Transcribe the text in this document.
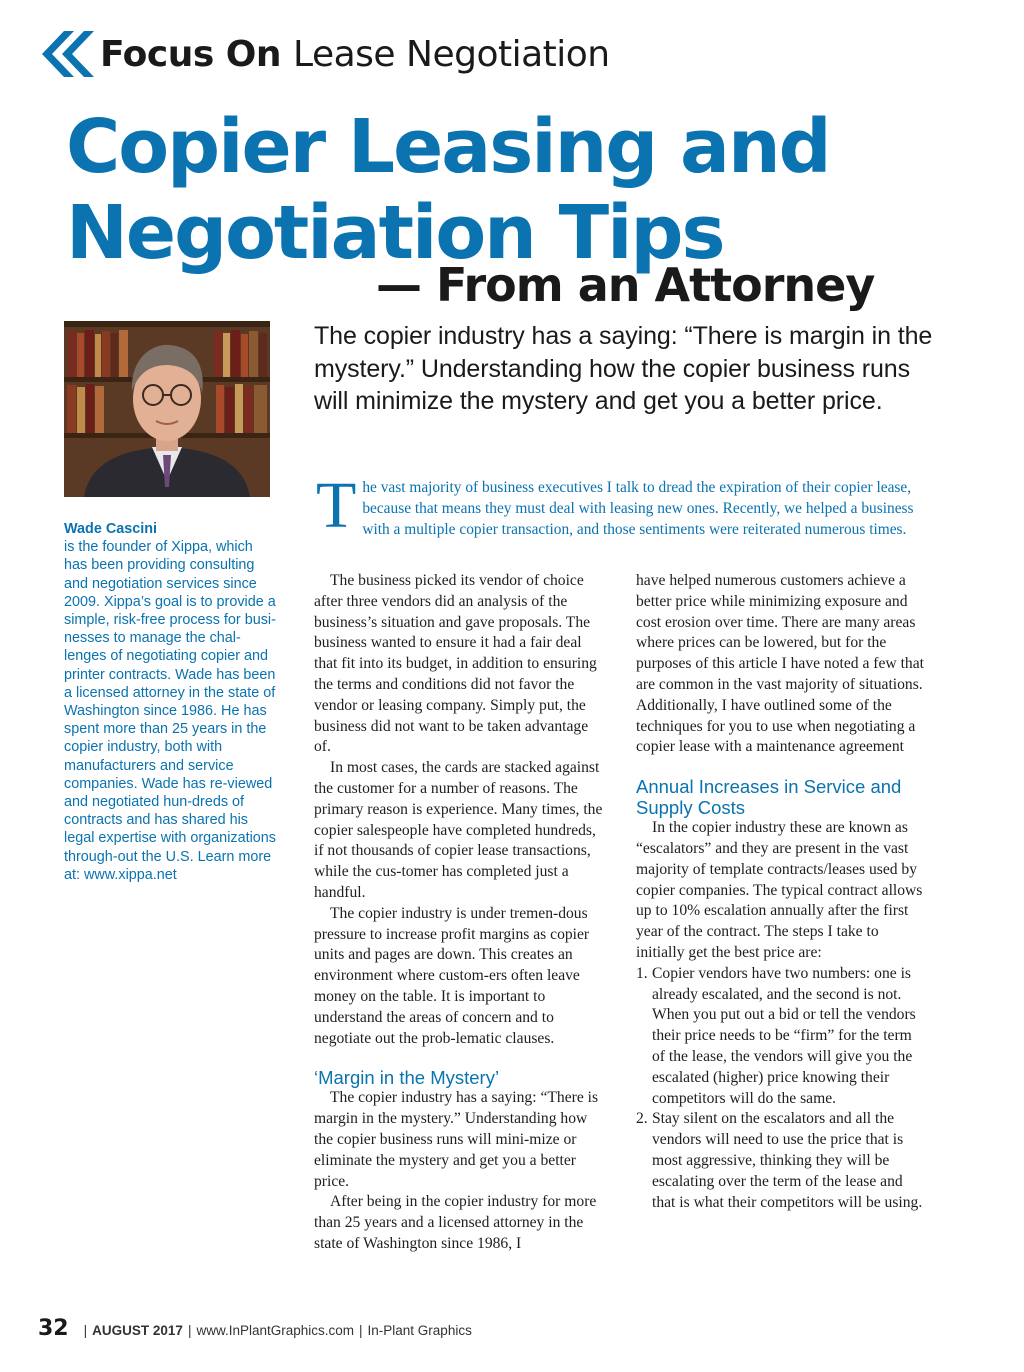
Focus On Lease Negotiation
Copier Leasing and
Negotiation Tips
— From an Attorney
The copier industry has a saying: “There is margin in the mystery.” Understanding how the copier business runs will minimize the mystery and get you a better price.
Wade Cascini
is the founder of Xippa, which has been providing consulting and negotiation services since 2009. Xippa’s goal is to provide a simple, risk-free process for busi-nesses to manage the chal-lenges of negotiating copier and printer contracts. Wade has been a licensed attorney in the state of Washington since 1986. He has spent more than 25 years in the copier industry, both with manufacturers and service companies. Wade has re-viewed and negotiated hun-dreds of contracts and has shared his legal expertise with organizations through-out the U.S. Learn more at: www.xippa.net
The vast majority of business executives I talk to dread the expiration of their copier lease, because that means they must deal with leasing new ones. Recently, we helped a business with a multiple copier transaction, and those sentiments were reiterated numerous times.

The business picked its vendor of choice after three vendors did an analysis of the business’s situation and gave proposals. The business wanted to ensure it had a fair deal that fit into its budget, in addition to ensuring the terms and conditions did not favor the vendor or leasing company. Simply put, the business did not want to be taken advantage of.

In most cases, the cards are stacked against the customer for a number of reasons. The primary reason is experience. Many times, the copier salespeople have completed hundreds, if not thousands of copier lease transactions, while the cus-tomer has completed just a handful.

The copier industry is under tremen-dous pressure to increase profit margins as copier units and pages are down. This creates an environment where custom-ers often leave money on the table. It is important to understand the areas of concern and to negotiate out the prob-lematic clauses.

‘Margin in the Mystery’

The copier industry has a saying: “There is margin in the mystery.” Understanding how the copier business runs will mini-mize or eliminate the mystery and get you a better price.

After being in the copier industry for more than 25 years and a licensed attorney in the state of Washington since 1986, I

have helped numerous customers achieve a better price while minimizing exposure and cost erosion over time. There are many areas where prices can be lowered, but for the purposes of this article I have noted a few that are common in the vast majority of situations. Additionally, I have outlined some of the techniques for you to use when negotiating a copier lease with a maintenance agreement

Annual Increases in Service and Supply Costs

In the copier industry these are known as “escalators” and they are present in the vast majority of template contracts/leases used by copier companies. The typical contract allows up to 10% escalation annually after the first year of the contract. The steps I take to initially get the best price are:

1. Copier vendors have two numbers: one is already escalated, and the second is not. When you put out a bid or tell the vendors their price needs to be “firm” for the term of the lease, the vendors will give you the escalated (higher) price knowing their competitors will do the same.
2. Stay silent on the escalators and all the vendors will need to use the price that is most aggressive, thinking they will be escalating over the term of the lease and that is what their competitors will be using.
32 | AUGUST 2017 | www.InPlantGraphics.com | In-Plant Graphics
